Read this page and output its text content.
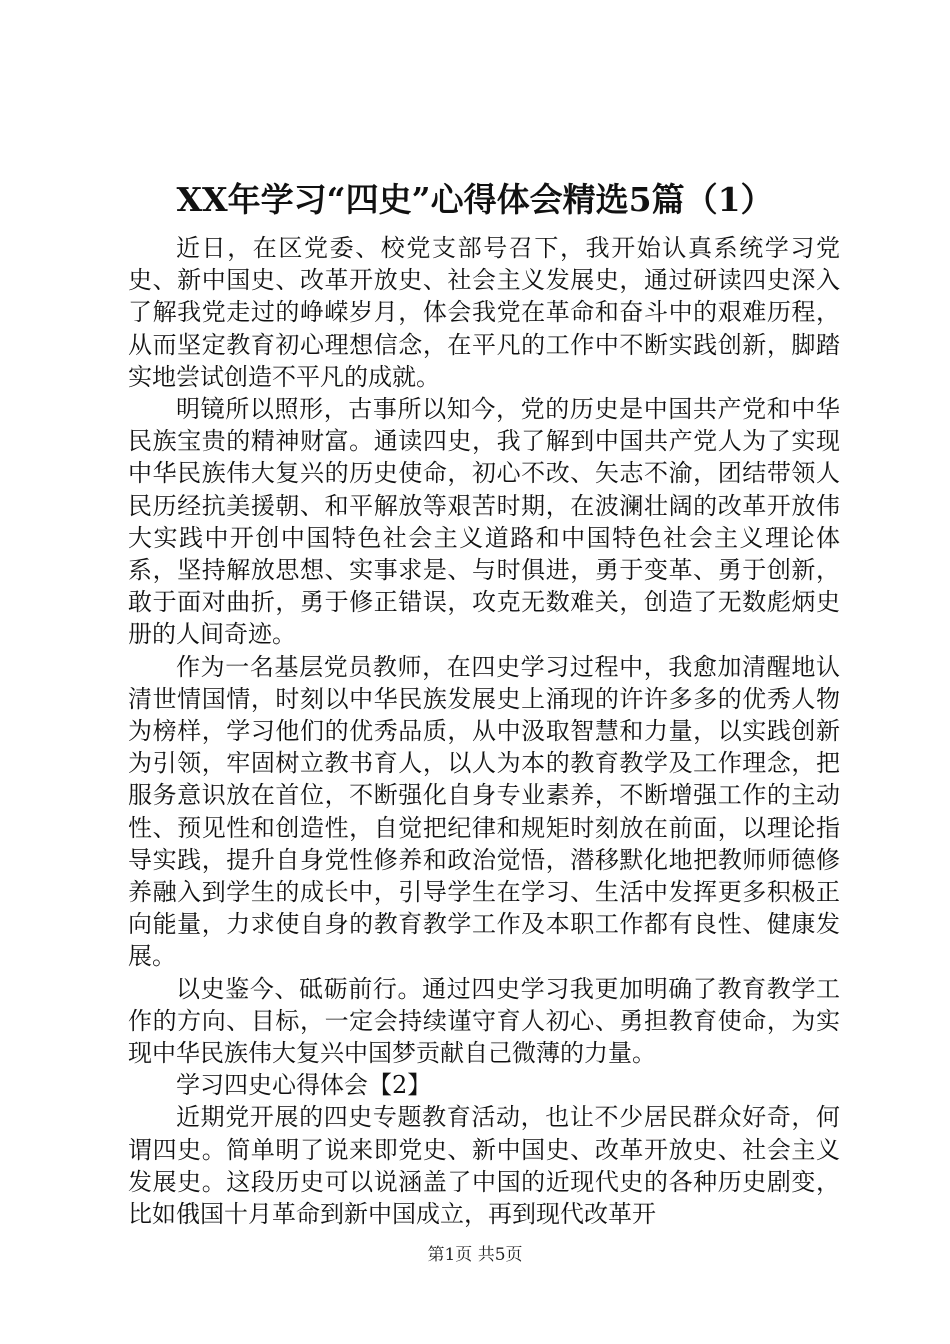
XX年学习“四史”心得体会精选5篇（1）

近日，在区党委、校党支部号召下，我开始认真系统学习党史、新中国史、改革开放史、社会主义发展史，通过研读四史深入了解我党走过的峥嵘岁月，体会我党在革命和奋斗中的艰难历程，从而坚定教育初心理想信念，在平凡的工作中不断实践创新，脚踏实地尝试创造不平凡的成就。

明镜所以照形，古事所以知今，党的历史是中国共产党和中华民族宝贵的精神财富。通读四史，我了解到中国共产党人为了实现中华民族伟大复兴的历史使命，初心不改、矢志不渝，团结带领人民历经抗美援朝、和平解放等艰苦时期，在波澜壮阔的改革开放伟大实践中开创中国特色社会主义道路和中国特色社会主义理论体系，坚持解放思想、实事求是、与时俱进，勇于变革、勇于创新，敢于面对曲折，勇于修正错误，攻克无数难关，创造了无数彪炳史册的人间奇迹。

作为一名基层党员教师，在四史学习过程中，我愈加清醒地认清世情国情，时刻以中华民族发展史上涌现的许许多多的优秀人物为榜样，学习他们的优秀品质，从中汲取智慧和力量，以实践创新为引领，牢固树立教书育人，以人为本的教育教学及工作理念，把服务意识放在首位，不断强化自身专业素养，不断增强工作的主动性、预见性和创造性，自觉把纪律和规矩时刻放在前面，以理论指导实践，提升自身党性修养和政治觉悟，潜移默化地把教师师德修养融入到学生的成长中，引导学生在学习、生活中发挥更多积极正向能量，力求使自身的教育教学工作及本职工作都有良性、健康发展。

以史鉴今、砥砺前行。通过四史学习我更加明确了教育教学工作的方向、目标，一定会持续谨守育人初心、勇担教育使命，为实现中华民族伟大复兴中国梦贡献自己微薄的力量。

学习四史心得体会【2】

近期党开展的四史专题教育活动，也让不少居民群众好奇，何谓四史。简单明了说来即党史、新中国史、改革开放史、社会主义发展史。这段历史可以说涵盖了中国的近现代史的各种历史剧变，比如俄国十月革命到新中国成立，再到现代改革开

第1页 共5页
